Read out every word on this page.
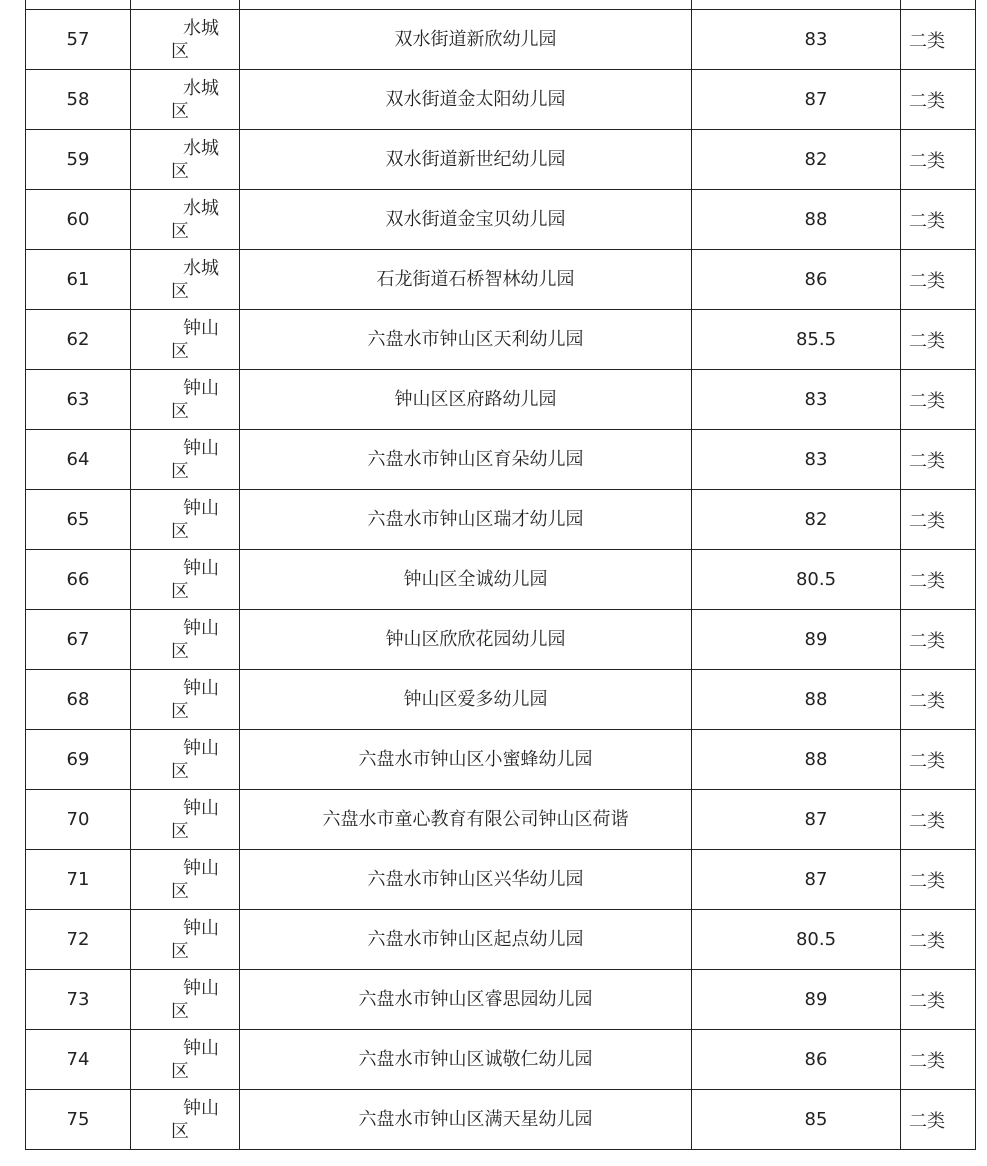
57	水城区	双水街道新欣幼儿园	83	二类
58	水城区	双水街道金太阳幼儿园	87	二类
59	水城区	双水街道新世纪幼儿园	82	二类
60	水城区	双水街道金宝贝幼儿园	88	二类
61	水城区	石龙街道石桥智林幼儿园	86	二类
62	钟山区	六盘水市钟山区天利幼儿园	85.5	二类
63	钟山区	钟山区区府路幼儿园	83	二类
64	钟山区	六盘水市钟山区育朵幼儿园	83	二类
65	钟山区	六盘水市钟山区瑞才幼儿园	82	二类
66	钟山区	钟山区全诚幼儿园	80.5	二类
67	钟山区	钟山区欣欣花园幼儿园	89	二类
68	钟山区	钟山区爱多幼儿园	88	二类
69	钟山区	六盘水市钟山区小蜜蜂幼儿园	88	二类
70	钟山区	六盘水市童心教育有限公司钟山区荷谐	87	二类
71	钟山区	六盘水市钟山区兴华幼儿园	87	二类
72	钟山区	六盘水市钟山区起点幼儿园	80.5	二类
73	钟山区	六盘水市钟山区睿思园幼儿园	89	二类
74	钟山区	六盘水市钟山区诚敬仁幼儿园	86	二类
75	钟山区	六盘水市钟山区满天星幼儿园	85	二类
